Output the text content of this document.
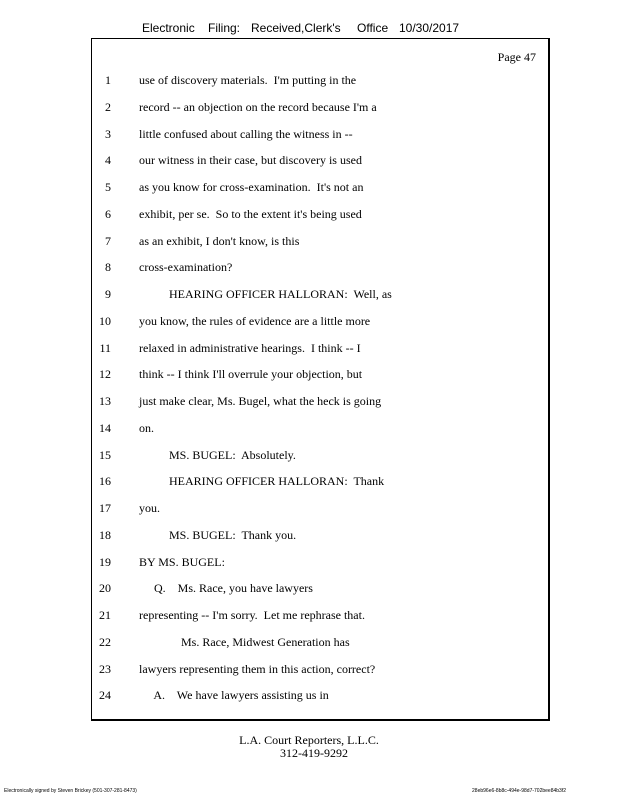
Electronic Filing: Received,Clerk's Office 10/30/2017
Page 47
1 use of discovery materials.  I'm putting in the
2 record -- an objection on the record because I'm a
3 little confused about calling the witness in --
4 our witness in their case, but discovery is used
5 as you know for cross-examination.  It's not an
6 exhibit, per se.  So to the extent it's being used
7 as an exhibit, I don't know, is this
8 cross-examination?
9 HEARING OFFICER HALLORAN:  Well, as
10 you know, the rules of evidence are a little more
11 relaxed in administrative hearings.  I think -- I
12 think -- I think I'll overrule your objection, but
13 just make clear, Ms. Bugel, what the heck is going
14 on.
15 MS. BUGEL:  Absolutely.
16 HEARING OFFICER HALLORAN:  Thank
17 you.
18 MS. BUGEL:  Thank you.
19 BY MS. BUGEL:
20 Q.    Ms. Race, you have lawyers
21 representing -- I'm sorry.  Let me rephrase that.
22 Ms. Race, Midwest Generation has
23 lawyers representing them in this action, correct?
24 A.    We have lawyers assisting us in
L.A. Court Reporters, L.L.C.
312-419-9292
Electronically signed by Steven Brickey (501-307-281-8473)	28eb96e6-8b8c-494e-98d7-702bee84b3f2
